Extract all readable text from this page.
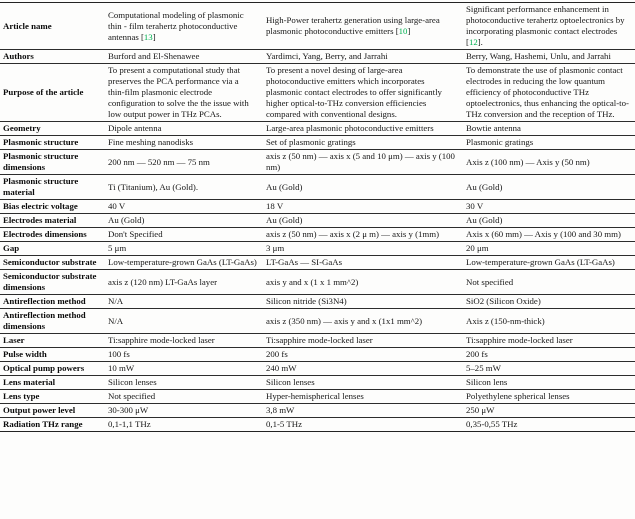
Article name	Computational modeling of plasmonic thin - film terahertz photoconductive antennas [13]	High-Power terahertz generation using large-area plasmonic photoconductive emitters [10]	Significant performance enhancement in photoconductive terahertz optoelectronics by incorporating plasmonic contact electrodes [12].
Authors	Burford and El-Shenawee	Yardimci, Yang, Berry, and Jarrahi	Berry, Wang, Hashemi, Unlu, and Jarrahi
Purpose of the article	To present a computational study that preserves the PCA performance via a thin-film plasmonic electrode configuration to solve the the issue with low output power in THz PCAs.	To present a novel desing of large-area photoconductive emitters which incorporates plasmonic contact electrodes to offer significantly higher optical-to-THz conversion efficiencies compared with conventional designs.	To demonstrate the use of plasmonic contact electrodes in reducing the low quantum efficiency of photoconductive THz optoelectronics, thus enhancing the optical-to-THz conversion and the reception of THz.
Geometry	Dipole antenna	Large-area plasmonic photoconductive emitters	Bowtie antenna
Plasmonic structure	Fine meshing nanodisks	Set of plasmonic gratings	Plasmonic gratings
Plasmonic structure dimensions	200 nm — 520 nm — 75 nm	axis z (50 nm) — axis x (5 and 10 μm) — axis y (100 nm)	Axis z (100 nm) — Axis y (50 nm)
Plasmonic structure material	Ti (Titanium), Au (Gold).	Au (Gold)	Au (Gold)
Bias electric voltage	40 V	18 V	30 V
Electrodes material	Au (Gold)	Au (Gold)	Au (Gold)
Electrodes dimensions	Don't Specified	axis z (50 nm) — axis x (2 μ m) — axis y (1mm)	Axis x (60 mm) — Axis y (100 and 30 mm)
Gap	5 μm	3 μm	20 μm
Semiconductor substrate	Low-temperature-grown GaAs (LT-GaAs)	LT-GaAs — SI-GaAs	Low-temperature-grown GaAs (LT-GaAs)
Semiconductor substrate dimensions	axis z (120 nm) LT-GaAs layer	axis y and x (1 x 1 mm^2)	Not specified
Antireflection method	N/A	Silicon nitride (Si3N4)	SiO2 (Silicon Oxide)
Antireflection method dimensions	N/A	axis z (350 nm) — axis y and x (1x1 mm^2)	Axis z (150-nm-thick)
Laser	Ti:sapphire mode-locked laser	Ti:sapphire mode-locked laser	Ti:sapphire mode-locked laser
Pulse width	100 fs	200 fs	200 fs
Optical pump powers	10 mW	240 mW	5–25 mW
Lens material	Silicon lenses	Silicon lenses	Silicon lens
Lens type	Not specified	Hyper-hemispherical lenses	Polyethylene spherical lenses
Output power level	30-300 μW	3,8 mW	250 μW
Radiation THz range	0,1-1,1 THz	0,1-5 THz	0,35-0,55 THz
